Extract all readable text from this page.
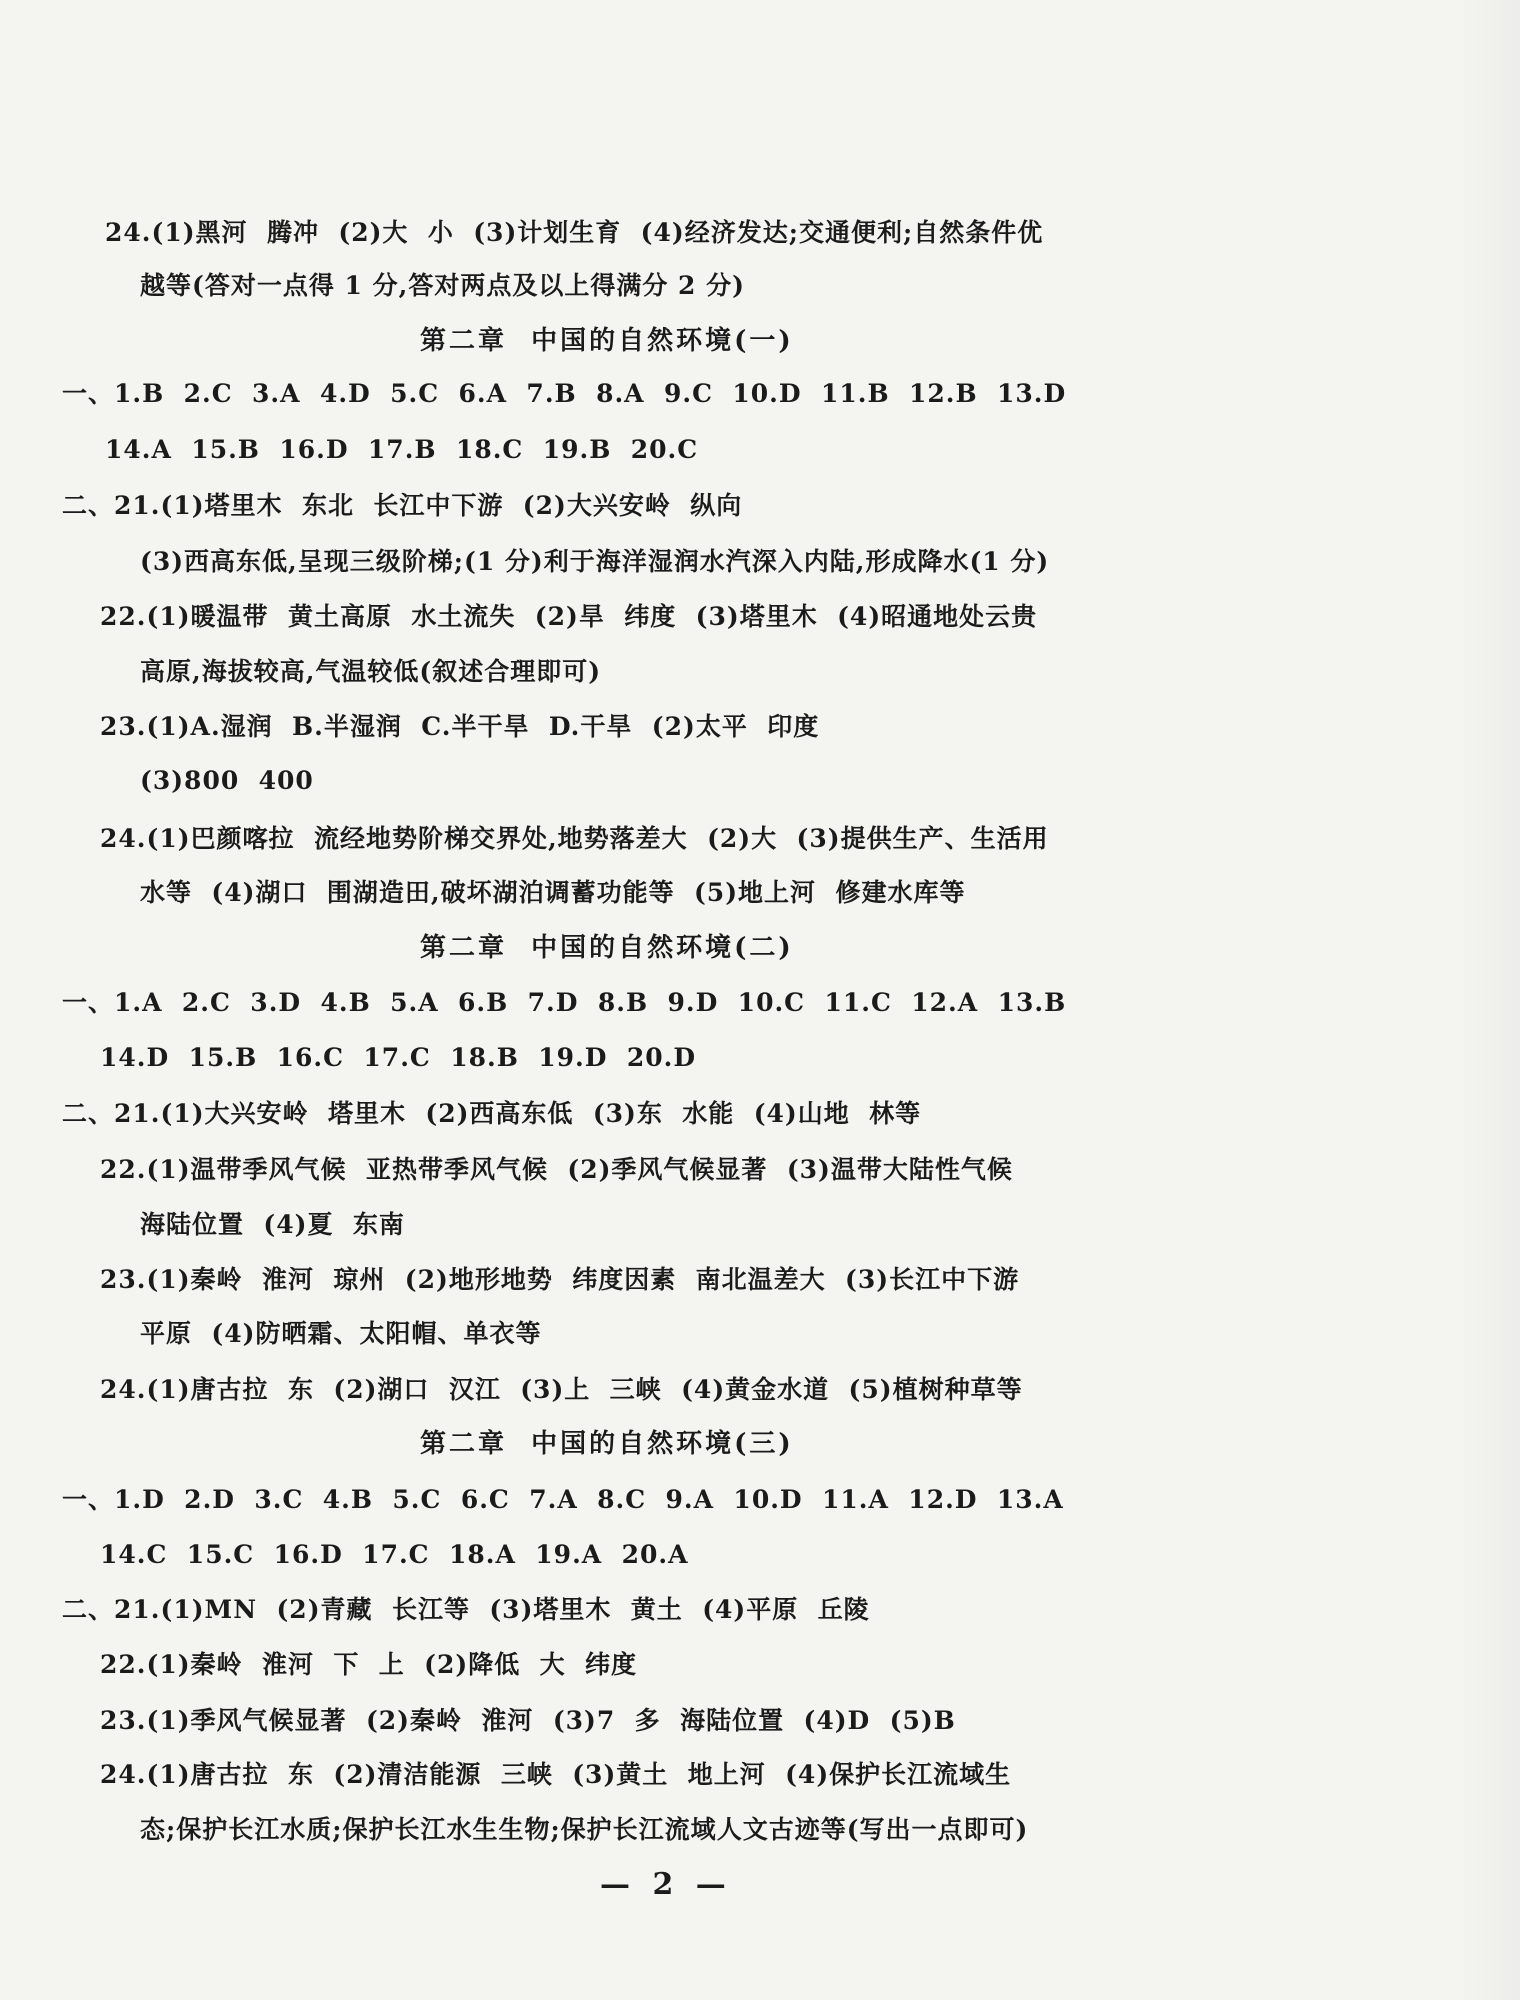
24.(1)黑河  腾冲  (2)大  小  (3)计划生育  (4)经济发达;交通便利;自然条件优
越等(答对一点得 1 分,答对两点及以上得满分 2 分)
第二章  中国的自然环境(一)
一、1.B  2.C  3.A  4.D  5.C  6.A  7.B  8.A  9.C  10.D  11.B  12.B  13.D
14.A  15.B  16.D  17.B  18.C  19.B  20.C
二、21.(1)塔里木  东北  长江中下游  (2)大兴安岭  纵向
(3)西高东低,呈现三级阶梯;(1 分)利于海洋湿润水汽深入内陆,形成降水(1 分)
22.(1)暖温带  黄土高原  水土流失  (2)旱  纬度  (3)塔里木  (4)昭通地处云贵
高原,海拔较高,气温较低(叙述合理即可)
23.(1)A.湿润  B.半湿润  C.半干旱  D.干旱  (2)太平  印度
(3)800  400
24.(1)巴颜喀拉  流经地势阶梯交界处,地势落差大  (2)大  (3)提供生产、生活用
水等  (4)湖口  围湖造田,破坏湖泊调蓄功能等  (5)地上河  修建水库等
第二章  中国的自然环境(二)
一、1.A  2.C  3.D  4.B  5.A  6.B  7.D  8.B  9.D  10.C  11.C  12.A  13.B
14.D  15.B  16.C  17.C  18.B  19.D  20.D
二、21.(1)大兴安岭  塔里木  (2)西高东低  (3)东  水能  (4)山地  林等
22.(1)温带季风气候  亚热带季风气候  (2)季风气候显著  (3)温带大陆性气候
海陆位置  (4)夏  东南
23.(1)秦岭  淮河  琼州  (2)地形地势  纬度因素  南北温差大  (3)长江中下游
平原  (4)防晒霜、太阳帽、单衣等
24.(1)唐古拉  东  (2)湖口  汉江  (3)上  三峡  (4)黄金水道  (5)植树种草等
第二章  中国的自然环境(三)
一、1.D  2.D  3.C  4.B  5.C  6.C  7.A  8.C  9.A  10.D  11.A  12.D  13.A
14.C  15.C  16.D  17.C  18.A  19.A  20.A
二、21.(1)MN  (2)青藏  长江等  (3)塔里木  黄土  (4)平原  丘陵
22.(1)秦岭  淮河  下  上  (2)降低  大  纬度
23.(1)季风气候显著  (2)秦岭  淮河  (3)7  多  海陆位置  (4)D  (5)B
24.(1)唐古拉  东  (2)清洁能源  三峡  (3)黄土  地上河  (4)保护长江流域生
态;保护长江水质;保护长江水生生物;保护长江流域人文古迹等(写出一点即可)
— 2 —
